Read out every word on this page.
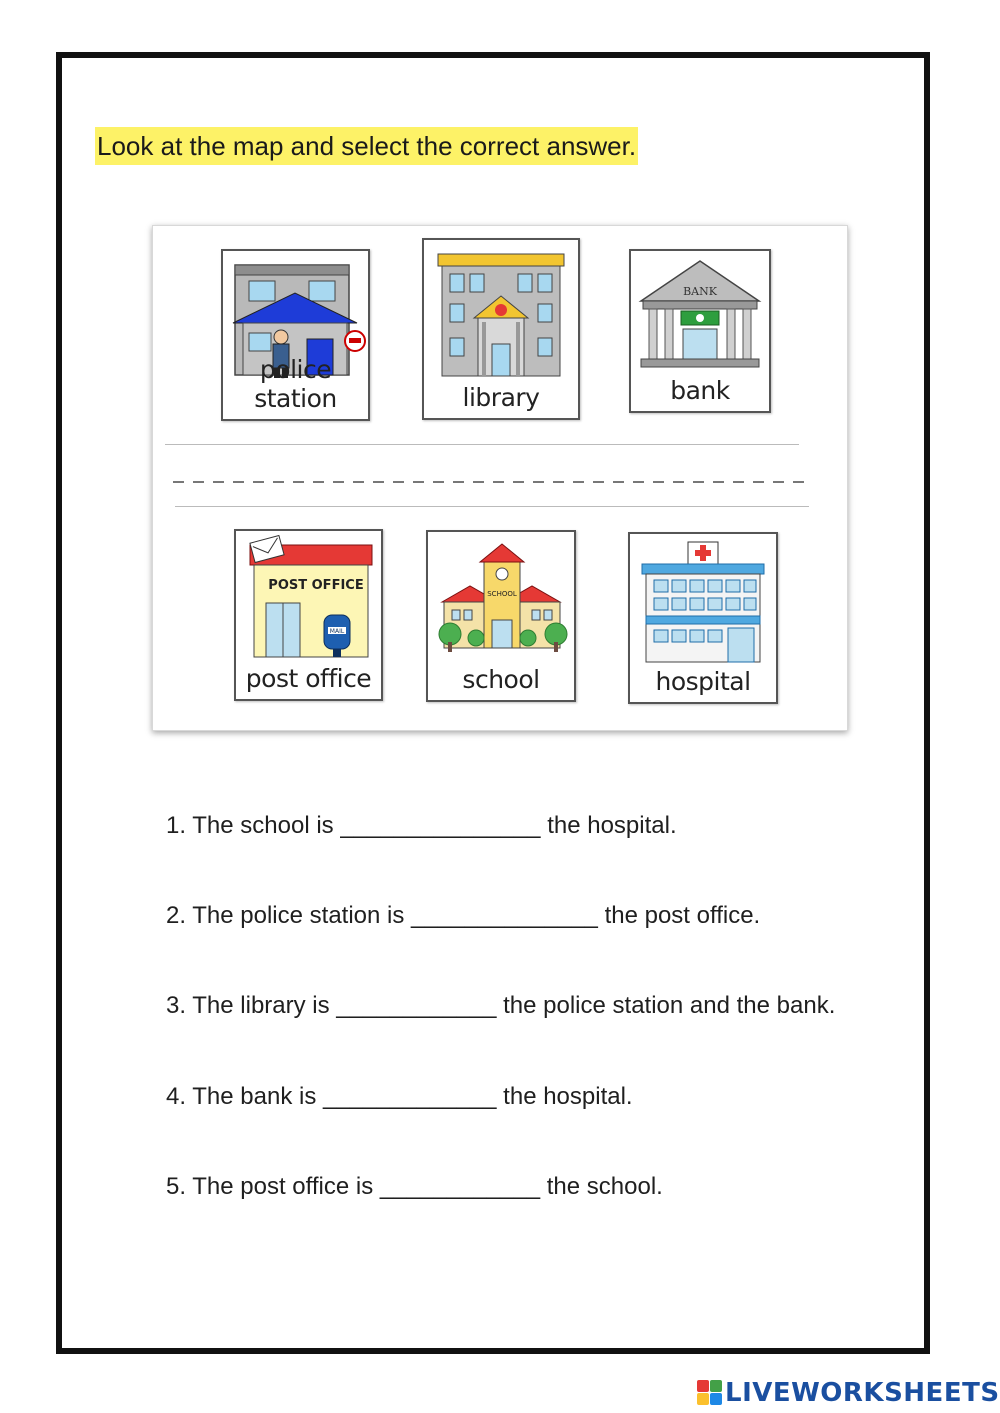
Look at the map and select the correct answer.
police station	library
BANK
bank
POST OFFICE
MAIL
post office
SCHOOL
school	hospital
1. The school is _______________ the hospital.
2. The police station is ______________ the post office.
3. The library is ____________ the police station and the bank.
4. The bank is _____________ the hospital.
5. The post office is ____________ the school.
LIVEWORKSHEETS
